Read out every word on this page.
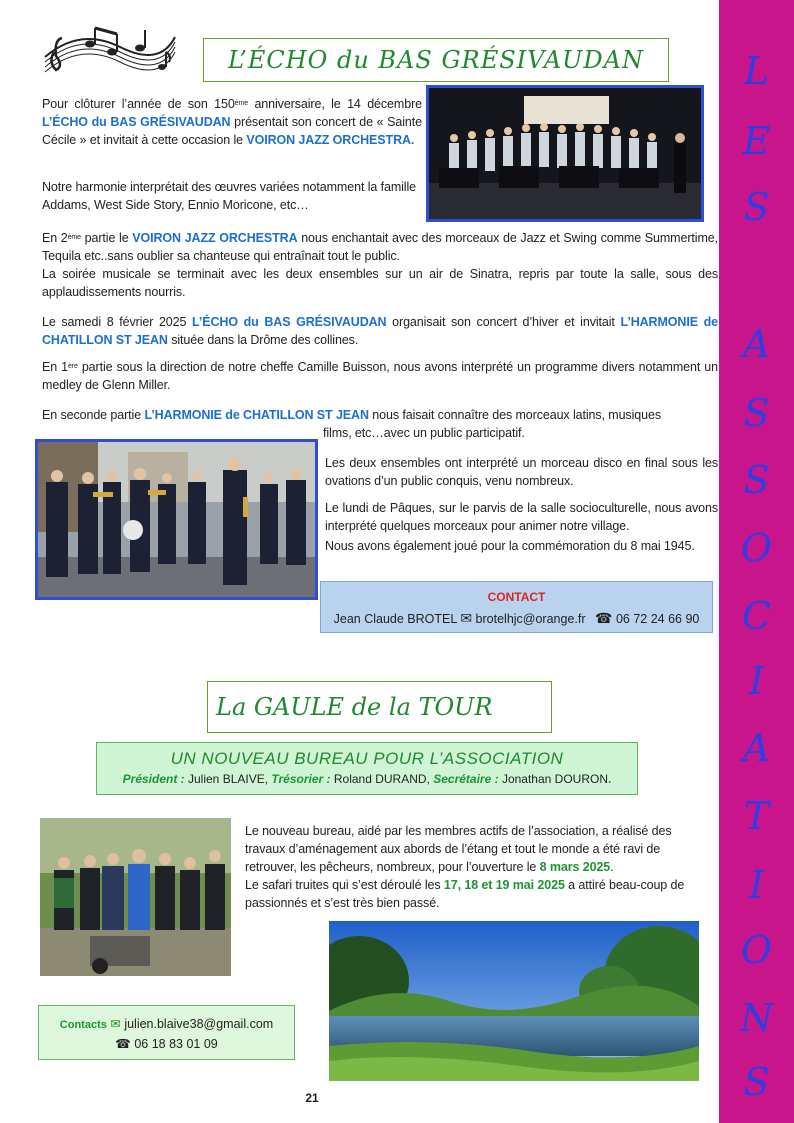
L
E
S
A
S
S
O
C
I
A
T
I
O
N
S
L’ÉCHO du BAS GRÉSIVAUDAN
Pour clôturer l’année de son 150ème anniversaire, le 14 décembre L’ÉCHO du BAS GRÉSIVAUDAN présentait son concert de « Sainte Cécile » et invitait à cette occasion le VOIRON JAZZ ORCHESTRA.
Notre harmonie interprétait des œuvres variées notamment la famille Addams, West Side Story, Ennio Moricone, etc…
En 2ème partie le VOIRON JAZZ ORCHESTRA nous enchantait avec des morceaux de Jazz et Swing comme Summertime, Tequila etc..sans oublier sa chanteuse qui entraînait tout le public.
La soirée musicale se terminait avec les deux ensembles sur un air de Sinatra, repris par toute la salle, sous des applaudissements nourris.
Le samedi 8 février 2025 L’ÉCHO du BAS GRÉSIVAUDAN organisait son concert d’hiver et invitait L’HARMONIE de CHATILLON ST JEAN située dans la Drôme des collines.
En 1ère partie sous la direction de notre cheffe Camille Buisson, nous avons interprété un programme divers notamment un medley de Glenn Miller.
En seconde partie L’HARMONIE de CHATILLON ST JEAN nous faisait connaître des morceaux latins, musiques
films, etc…avec un public participatif.
Les deux ensembles ont interprété un morceau disco en final sous les ovations d’un public conquis, venu nombreux.
Le lundi de Pâques, sur le parvis de la salle socioculturelle, nous avons interprété quelques morceaux pour animer notre village.
Nous avons également joué pour la commémoration du 8 mai 1945.
CONTACT
Jean Claude BROTEL ✉ brotelhjc@orange.fr ☎ 06 72 24 66 90
La GAULE de la TOUR
UN NOUVEAU BUREAU POUR L’ASSOCIATION
Président : Julien BLAIVE, Trésorier : Roland DURAND, Secrétaire : Jonathan DOURON.
Le nouveau bureau, aidé par les membres actifs de l’association, a réalisé des travaux d’aménagement aux abords de l’étang et tout le monde a été ravi de retrouver, les pêcheurs, nombreux, pour l’ouverture le 8 mars 2025.
Le safari truites qui s’est déroulé les 17, 18 et 19 mai 2025 a attiré beau-coup de passionnés et s’est très bien passé.
Contacts ✉ julien.blaive38@gmail.com
☎ 06 18 83 01 09
21
